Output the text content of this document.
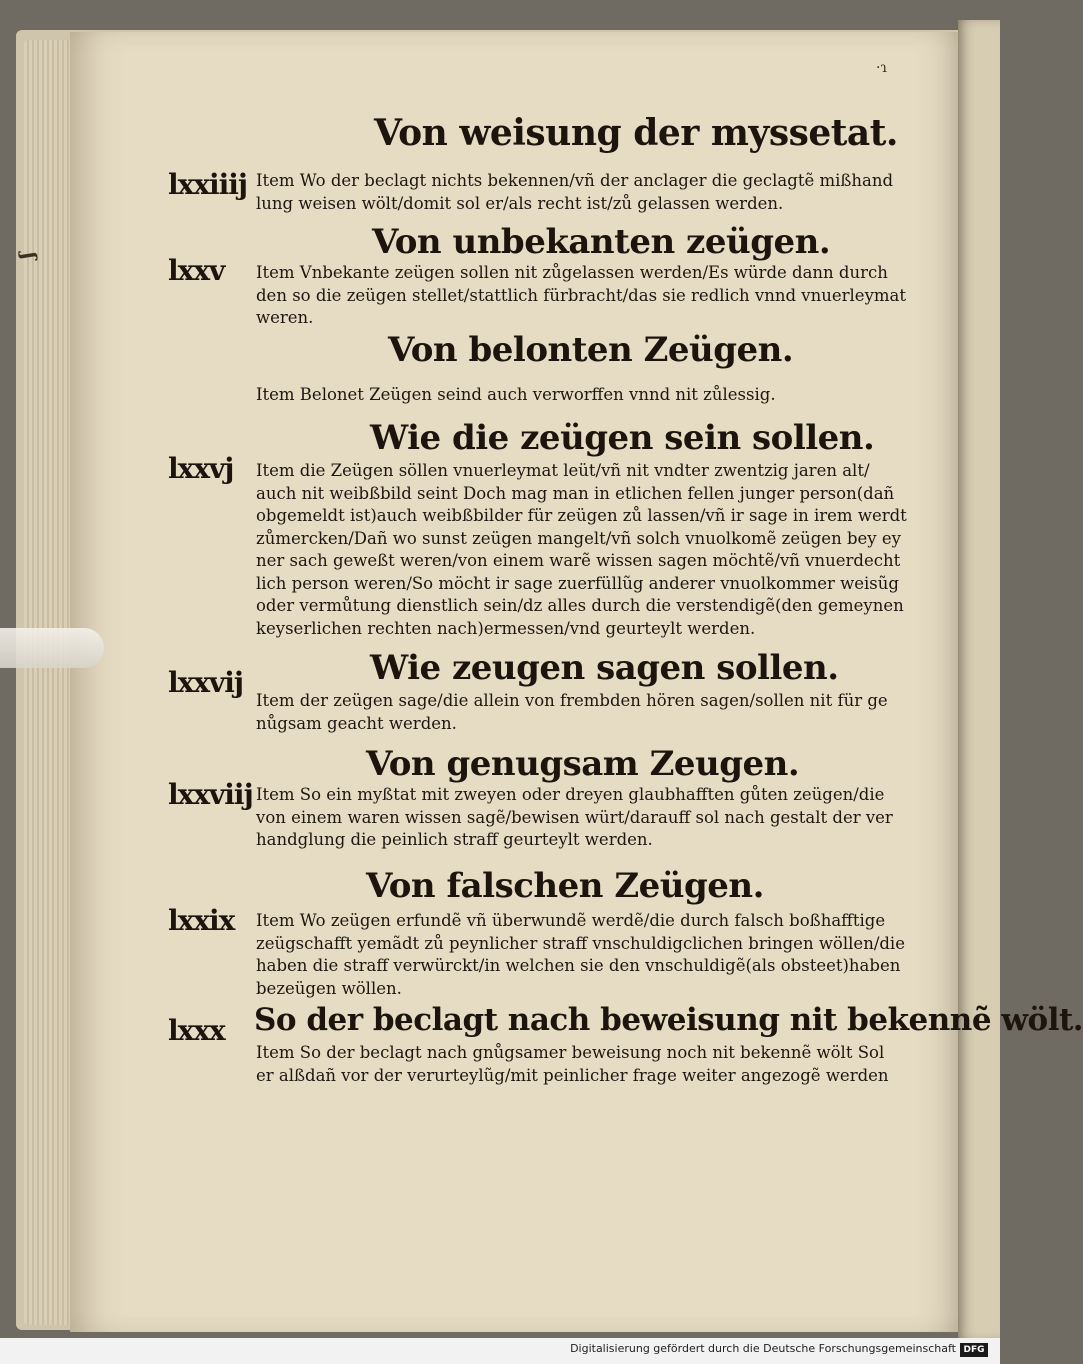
ʃ
·ɿ
Von weisung der myssetat.
lxxiiij Item Wo der beclagt nichts bekennen/vñ der anclager die geclagtẽ mißhand
lung weisen wölt/domit sol er/als recht ist/zů gelassen werden.
Von unbekanten zeügen.
lxxv Item Vnbekante zeügen sollen nit zůgelassen werden/Es würde dann durch
den so die zeügen stellet/stattlich fürbracht/das sie redlich vnnd vnuerleymat
weren.
Von belonten Zeügen.
Item Belonet Zeügen seind auch verworffen vnnd nit zůlessig.
Wie die zeügen sein sollen.
lxxvj Item die Zeügen söllen vnuerleymat leüt/vñ nit vndter zwentzig jaren alt/
auch nit weibßbild seint Doch mag man in etlichen fellen junger person(dañ
obgemeldt ist)auch weibßbilder für zeügen zů lassen/vñ ir sage in irem werdt
zůmercken/Dañ wo sunst zeügen mangelt/vñ solch vnuolkomẽ zeügen bey ey
ner sach geweßt weren/von einem warẽ wissen sagen möchtẽ/vñ vnuerdecht
lich person weren/So möcht ir sage zuerfüllũg anderer vnuolkommer weisũg
oder vermůtung dienstlich sein/dz alles durch die verstendigẽ(den gemeynen
keyserlichen rechten nach)ermessen/vnd geurteylt werden.
Wie zeugen sagen sollen.
lxxvij
Item der zeügen sage/die allein von frembden hören sagen/sollen nit für ge
nůgsam geacht werden.
Von genugsam Zeugen.
lxxviij Item So ein myßtat mit zweyen oder dreyen glaubhafften gůten zeügen/die
von einem waren wissen sagẽ/bewisen würt/darauff sol nach gestalt der ver
handglung die peinlich straff geurteylt werden.
Von falschen Zeügen.
lxxix Item Wo zeügen erfundẽ vñ überwundẽ werdẽ/die durch falsch boßhafftige
zeügschafft yemãdt zů peynlicher straff vnschuldigclichen bringen wöllen/die
haben die straff verwürckt/in welchen sie den vnschuldigẽ(als obsteet)haben
bezeügen wöllen.
So der beclagt nach beweisung nit bekennẽ wölt.
lxxx
Item So der beclagt nach gnůgsamer beweisung noch nit bekennẽ wölt Sol
er alßdañ vor der verurteylũg/mit peinlicher frage weiter angezogẽ werden
Digitalisierung gefördert durch die Deutsche Forschungsgemeinschaft DFG
